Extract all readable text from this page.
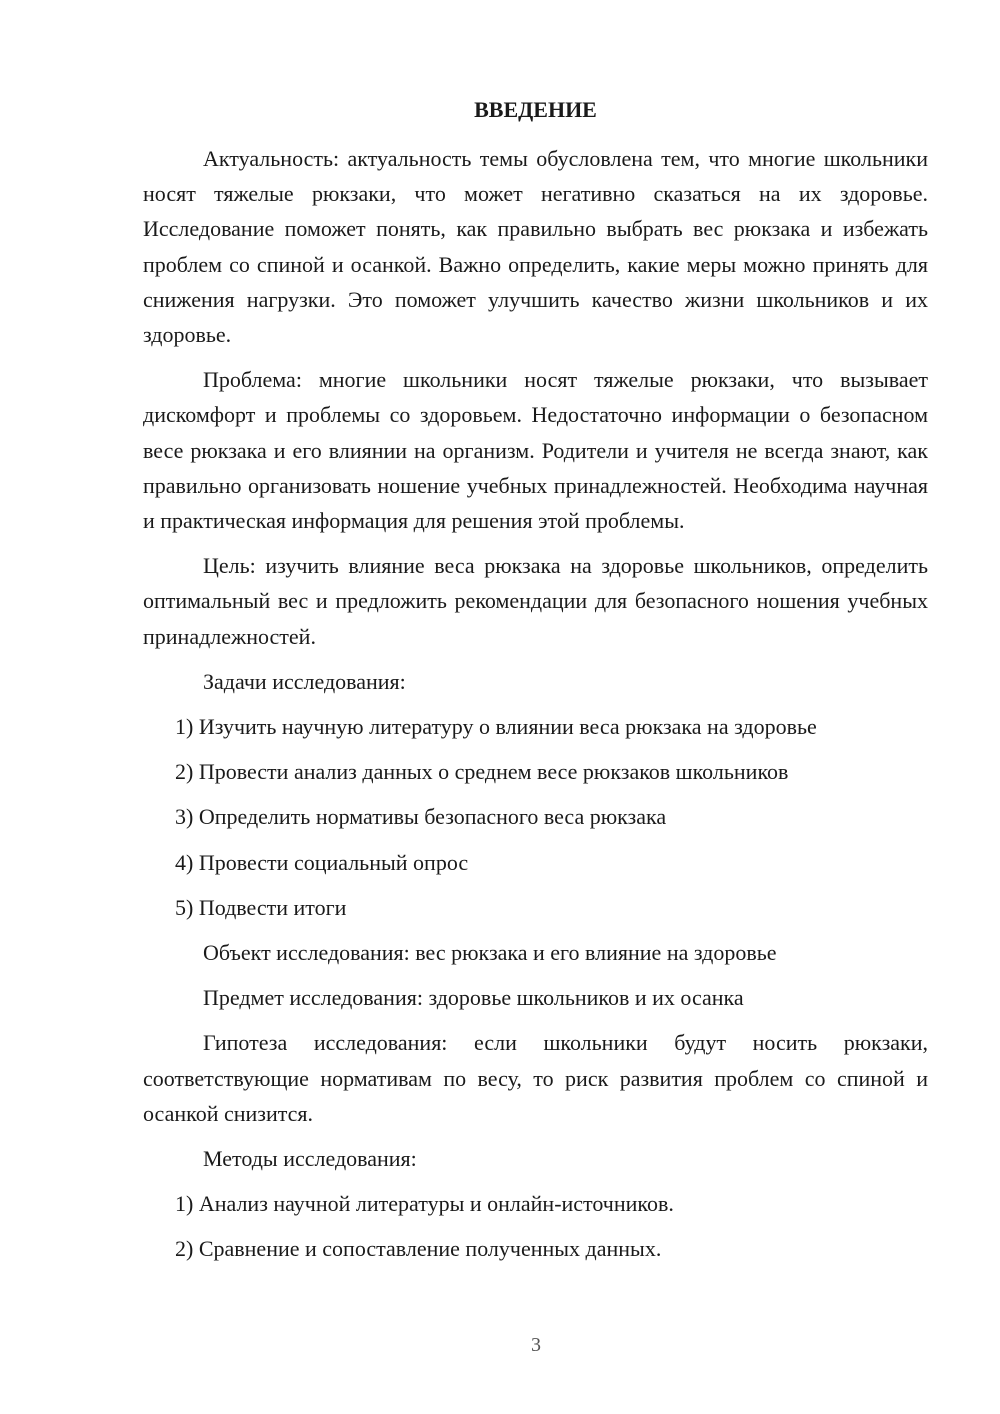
ВВЕДЕНИЕ

Актуальность: актуальность темы обусловлена тем, что многие школьники носят тяжелые рюкзаки, что может негативно сказаться на их здоровье. Исследование поможет понять, как правильно выбрать вес рюкзака и избежать проблем со спиной и осанкой. Важно определить, какие меры можно принять для снижения нагрузки. Это поможет улучшить качество жизни школьников и их здоровье.

Проблема: многие школьники носят тяжелые рюкзаки, что вызывает дискомфорт и проблемы со здоровьем. Недостаточно информации о безопасном весе рюкзака и его влиянии на организм. Родители и учителя не всегда знают, как правильно организовать ношение учебных принадлежностей. Необходима научная и практическая информация для решения этой проблемы.

Цель: изучить влияние веса рюкзака на здоровье школьников, определить оптимальный вес и предложить рекомендации для безопасного ношения учебных принадлежностей.

Задачи исследования:

1) Изучить научную литературу о влиянии веса рюкзака на здоровье

2) Провести анализ данных о среднем весе рюкзаков школьников

3) Определить нормативы безопасного веса рюкзака

4) Провести социальный опрос

5) Подвести итоги

Объект исследования: вес рюкзака и его влияние на здоровье

Предмет исследования: здоровье школьников и их осанка

Гипотеза исследования: если школьники будут носить рюкзаки, соответствующие нормативам по весу, то риск развития проблем со спиной и осанкой снизится.

Методы исследования:

1) Анализ научной литературы и онлайн-источников.

2) Сравнение и сопоставление полученных данных.

3
